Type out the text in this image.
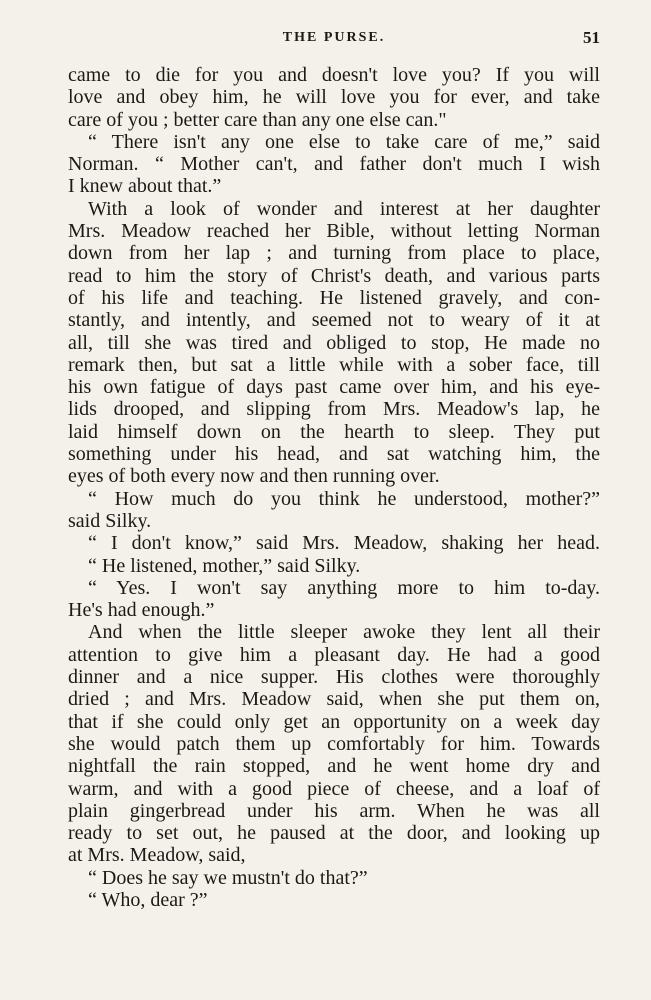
THE PURSE.	51
came to die for you and doesn't love you? If you will
love and obey him, he will love you for ever, and take
care of you ; better care than any one else can."
“ There isn't any one else to take care of me,” said
Norman. “ Mother can't, and father don't much I wish
I knew about that.”
With a look of wonder and interest at her daughter
Mrs. Meadow reached her Bible, without letting Norman
down from her lap ; and turning from place to place,
read to him the story of Christ's death, and various parts
of his life and teaching. He listened gravely, and con-
stantly, and intently, and seemed not to weary of it at
all, till she was tired and obliged to stop, He made no
remark then, but sat a little while with a sober face, till
his own fatigue of days past came over him, and his eye-
lids drooped, and slipping from Mrs. Meadow's lap, he
laid himself down on the hearth to sleep. They put
something under his head, and sat watching him, the
eyes of both every now and then running over.
“ How much do you think he understood, mother?”
said Silky.
“ I don't know,” said Mrs. Meadow, shaking her head.
“ He listened, mother,” said Silky.
“ Yes. I won't say anything more to him to-day.
He's had enough.”
And when the little sleeper awoke they lent all their
attention to give him a pleasant day. He had a good
dinner and a nice supper. His clothes were thoroughly
dried ; and Mrs. Meadow said, when she put them on,
that if she could only get an opportunity on a week day
she would patch them up comfortably for him. Towards
nightfall the rain stopped, and he went home dry and
warm, and with a good piece of cheese, and a loaf of
plain gingerbread under his arm. When he was all
ready to set out, he paused at the door, and looking up
at Mrs. Meadow, said,
“ Does he say we mustn't do that?”
“ Who, dear ?”
